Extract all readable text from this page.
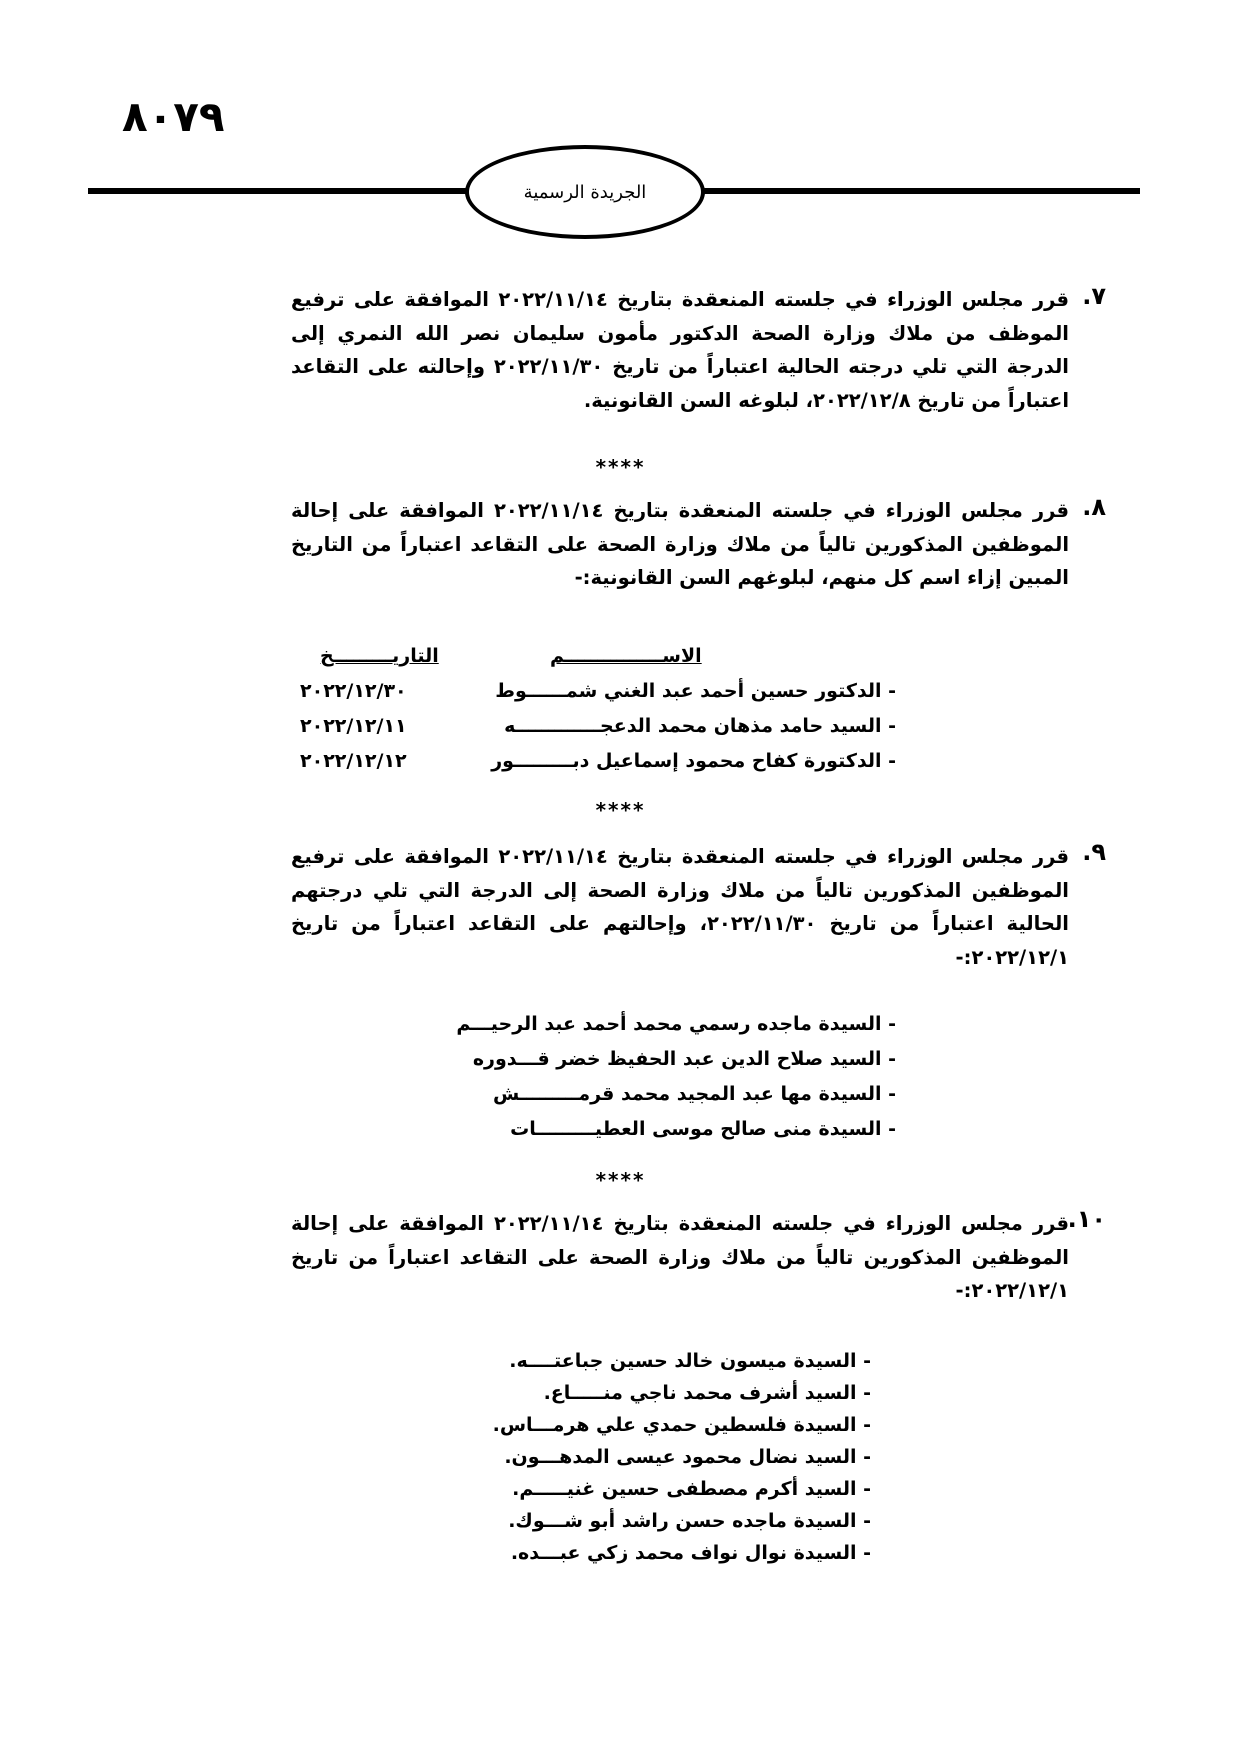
٨٠٧٩
الجريدة الرسمية
٧.
قرر مجلس الوزراء في جلسته المنعقدة بتاريخ ٢٠٢٢/١١/١٤ الموافقة على ترفيع الموظف من ملاك وزارة الصحة الدكتور مأمون سليمان نصر الله النمري إلى الدرجة التي تلي درجته الحالية اعتباراً من تاريخ ٢٠٢٢/١١/٣٠ وإحالته على التقاعد اعتباراً من تاريخ ٢٠٢٢/١٢/٨، لبلوغه السن القانونية.
****
٨.
قرر مجلس الوزراء في جلسته المنعقدة بتاريخ ٢٠٢٢/١١/١٤ الموافقة على إحالة الموظفين المذكورين تالياً من ملاك وزارة الصحة على التقاعد اعتباراً من التاريخ المبين إزاء اسم كل منهم، لبلوغهم السن القانونية:-
الاســـــــــــــــم
التاريـــــــــخ
- الدكتور حسين أحمد عبد الغني شمــــــوط
٢٠٢٢/١٢/٣٠
- السيد حامد مذهان محمد الدعجـــــــــــــه
٢٠٢٢/١٢/١١
- الدكتورة كفاح محمود إسماعيل دبـــــــــور
٢٠٢٢/١٢/١٢
****
٩.
قرر مجلس الوزراء في جلسته المنعقدة بتاريخ ٢٠٢٢/١١/١٤ الموافقة على ترفيع الموظفين المذكورين تالياً من ملاك وزارة الصحة إلى الدرجة التي تلي درجتهم الحالية اعتباراً من تاريخ ٢٠٢٢/١١/٣٠، وإحالتهم على التقاعد اعتباراً من تاريخ ٢٠٢٢/١٢/١:-
- السيدة ماجده رسمي محمد أحمد عبد الرحيـــم
- السيد صلاح الدين عبد الحفيظ خضر قـــدوره
- السيدة مها عبد المجيد محمد قرمـــــــــش
- السيدة منى صالح موسى العطيـــــــــات
****
١٠.
قرر مجلس الوزراء في جلسته المنعقدة بتاريخ ٢٠٢٢/١١/١٤ الموافقة على إحالة الموظفين المذكورين تالياً من ملاك وزارة الصحة على التقاعد اعتباراً من تاريخ ٢٠٢٢/١٢/١:-
- السيدة ميسون خالد حسين جباعتــــه.
- السيد أشرف محمد ناجي منـــــاع.
- السيدة فلسطين حمدي علي هرمـــاس.
- السيد نضال محمود عيسى المدهـــون.
- السيد أكرم مصطفى حسين غنيـــــم.
- السيدة ماجده حسن راشد أبو شـــوك.
- السيدة نوال نواف محمد زكي عبـــده.
